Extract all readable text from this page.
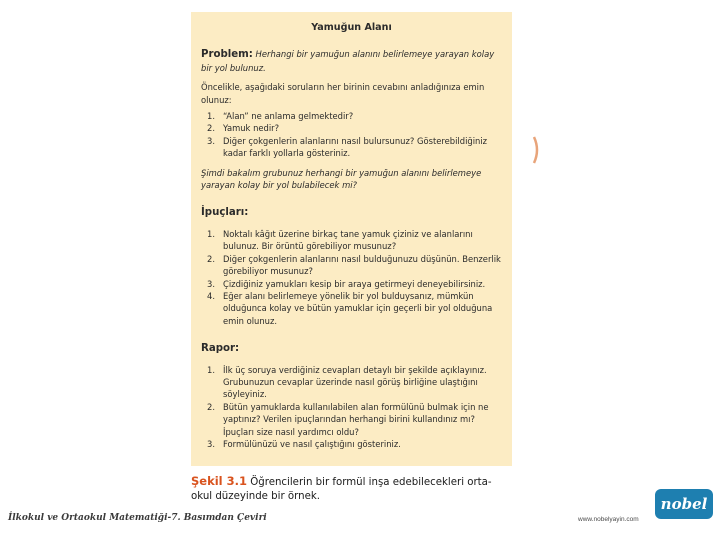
Yamuğun Alanı

Problem: Herhangi bir yamuğun alanını belirlemeye yarayan kolay bir yol bulunuz.

Öncelikle, aşağıdaki soruların her birinin cevabını anladığınıza emin olunuz:

1. “Alan” ne anlama gelmektedir?
2. Yamuk nedir?
3. Diğer çokgenlerin alanlarını nasıl bulursunuz? Gösterebildiğiniz kadar farklı yollarla gösteriniz.

Şimdi bakalım grubunuz herhangi bir yamuğun alanını belirlemeye yarayan kolay bir yol bulabilecek mi?

İpuçları:
1. Noktalı kâğıt üzerine birkaç tane yamuk çiziniz ve alanlarını bulunuz. Bir örüntü görebiliyor musunuz?
2. Diğer çokgenlerin alanlarını nasıl bulduğunuzu düşünün. Benzerlik görebiliyor musunuz?
3. Çizdiğiniz yamukları kesip bir araya getirmeyi deneyebilirsiniz.
4. Eğer alanı belirlemeye yönelik bir yol bulduysanız, mümkün olduğunca kolay ve bütün yamuklar için geçerli bir yol olduğuna emin olunuz.
Rapor:
1. İlk üç soruya verdiğiniz cevapları detaylı bir şekilde açıklayınız. Grubunuzun cevaplar üzerinde nasıl görüş birliğine ulaştığını söyleyiniz.
2. Bütün yamuklarda kullanılabilen alan formülünü bulmak için ne yaptınız? Verilen ipuçlarından herhangi birini kullandınız mı? İpuçları size nasıl yardımcı oldu?
3. Formülünüzü ve nasıl çalıştığını gösteriniz.
Şekil 3.1 Öğrencilerin bir formül inşa edebilecekleri orta-okul düzeyinde bir örnek.
İlkokul ve Ortaokul Matematiği-7. Basımdan Çeviri	www.nobelyayin.com
nobel
